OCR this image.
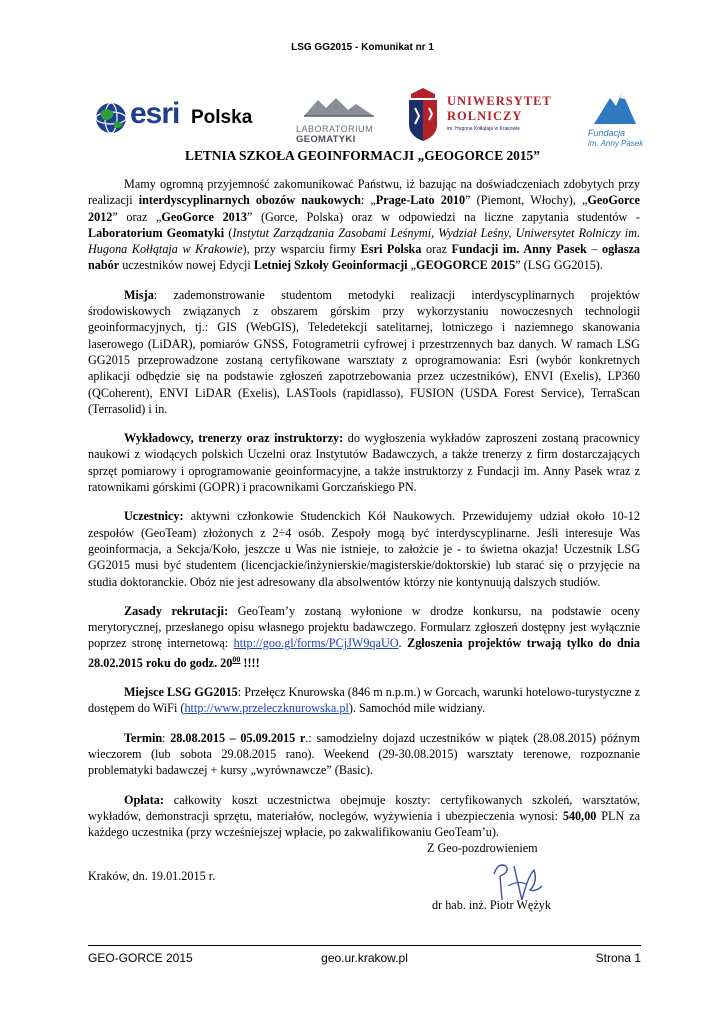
LSG GG2015 - Komunikat nr 1
esri Polska
LABORATORIUM
GEOMATYKI
UNIWERSYTET
ROLNICZY
im. Hugona Kołłątaja w Krakowie	Fundacja
im. Anny Pasek
LETNIA SZKOŁA GEOINFORMACJI „GEOGORCE 2015”

Mamy ogromną przyjemność zakomunikować Państwu, iż bazując na doświadczeniach zdobytych przy realizacji interdyscyplinarnych obozów naukowych: „Prage-Lato 2010” (Piemont, Włochy), „GeoGorce 2012” oraz „GeoGorce 2013” (Gorce, Polska) oraz w odpowiedzi na liczne zapytania studentów - Laboratorium Geomatyki (Instytut Zarządzania Zasobami Leśnymi, Wydział Leśny, Uniwersytet Rolniczy im. Hugona Kołłątaja w Krakowie), przy wsparciu firmy Esri Polska oraz Fundacji im. Anny Pasek – ogłasza nabór uczestników nowej Edycji Letniej Szkoły Geoinformacji „GEOGORCE 2015” (LSG GG2015).

Misja: zademonstrowanie studentom metodyki realizacji interdyscyplinarnych projektów środowiskowych związanych z obszarem górskim przy wykorzystaniu nowoczesnych technologii geoinformacyjnych, tj.: GIS (WebGIS), Teledetekcji satelitarnej, lotniczego i naziemnego skanowania laserowego (LiDAR), pomiarów GNSS, Fotogrametrii cyfrowej i przestrzennych baz danych. W ramach LSG GG2015 przeprowadzone zostaną certyfikowane warsztaty z oprogramowania: Esri (wybór konkretnych aplikacji odbędzie się na podstawie zgłoszeń zapotrzebowania przez uczestników), ENVI (Exelis), LP360 (QCoherent), ENVI LiDAR (Exelis), LASTools (rapidlasso), FUSION (USDA Forest Service), TerraScan (Terrasolid) i in.

Wykładowcy, trenerzy oraz instruktorzy: do wygłoszenia wykładów zaproszeni zostaną pracownicy naukowi z wiodących polskich Uczelni oraz Instytutów Badawczych, a także trenerzy z firm dostarczających sprzęt pomiarowy i oprogramowanie geoinformacyjne, a także instruktorzy z Fundacji im. Anny Pasek wraz z ratownikami górskimi (GOPR) i pracownikami Gorczańskiego PN.

Uczestnicy: aktywni członkowie Studenckich Kół Naukowych. Przewidujemy udział około 10-12 zespołów (GeoTeam) złożonych z 2÷4 osób. Zespoły mogą być interdyscyplinarne. Jeśli interesuje Was geoinformacja, a Sekcja/Koło, jeszcze u Was nie istnieje, to założcie je - to świetna okazja! Uczestnik LSG GG2015 musi być studentem (licencjackie/inżynierskie/magisterskie/doktorskie) lub starać się o przyjęcie na studia doktoranckie. Obóz nie jest adresowany dla absolwentów którzy nie kontynuują dalszych studiów.

Zasady rekrutacji: GeoTeam’y zostaną wyłonione w drodze konkursu, na podstawie oceny merytorycznej, przesłanego opisu własnego projektu badawczego. Formularz zgłoszeń dostępny jest wyłącznie poprzez stronę internetową: http://goo.gl/forms/PCjJW9qaUO. Zgłoszenia projektów trwają tylko do dnia 28.02.2015 roku do godz. $20^{00}$ !!!!

Miejsce LSG GG2015: Przełęcz Knurowska (846 m n.p.m.) w Gorcach, warunki hotelowo-turystyczne z dostępem do WiFi (http://www.przeleczknurowska.pl). Samochód mile widziany.

Termin: 28.08.2015 – 05.09.2015 r.: samodzielny dojazd uczestników w piątek (28.08.2015) późnym wieczorem (lub sobota 29.08.2015 rano). Weekend (29-30.08.2015) warsztaty terenowe, rozpoznanie problematyki badawczej + kursy „wyrównawcze” (Basic).

Opłata: całkowity koszt uczestnictwa obejmuje koszty: certyfikowanych szkoleń, warsztatów, wykładów, demonstracji sprzętu, materiałów, noclegów, wyżywienia i ubezpieczenia wynosi: 540,00 PLN za każdego uczestnika (przy wcześniejszej wpłacie, po zakwalifikowaniu GeoTeam’u).

Z Geo-pozdrowieniem
Kraków, dn. 19.01.2015 r.
dr hab. inż. Piotr Wężyk
GEO-GORCE 2015	geo.ur.krakow.pl	Strona 1
